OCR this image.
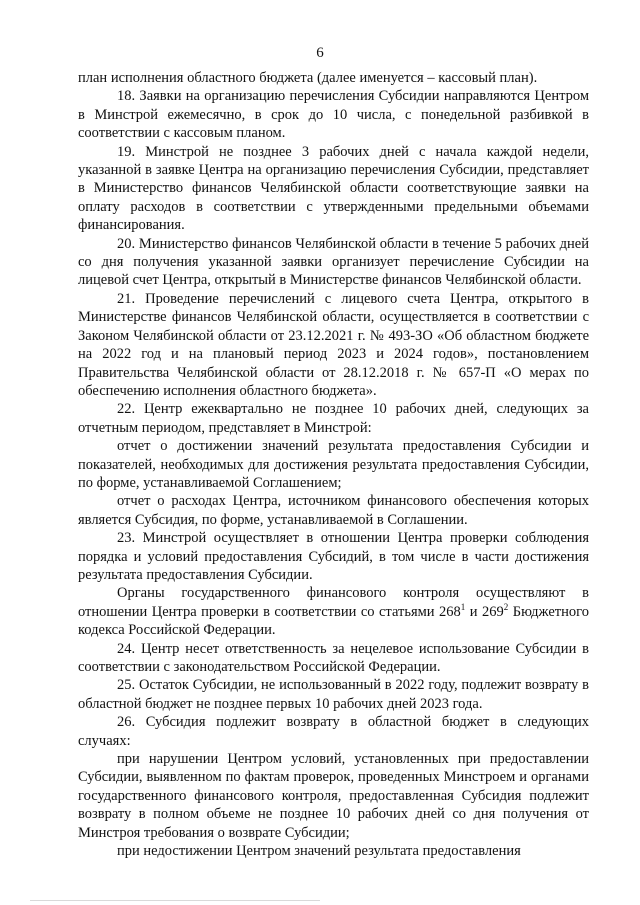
6

план исполнения областного бюджета (далее именуется – кассовый план).

18. Заявки на организацию перечисления Субсидии направляются Центром в Минстрой ежемесячно, в срок до 10 числа, с понедельной разбивкой в соответствии с кассовым планом.

19. Минстрой не позднее 3 рабочих дней с начала каждой недели, указанной в заявке Центра на организацию перечисления Субсидии, представляет в Министерство финансов Челябинской области соответствующие заявки на оплату расходов в соответствии с утвержденными предельными объемами финансирования.

20. Министерство финансов Челябинской области в течение 5 рабочих дней со дня получения указанной заявки организует перечисление Субсидии на лицевой счет Центра, открытый в Министерстве финансов Челябинской области.

21. Проведение перечислений с лицевого счета Центра, открытого в Министерстве финансов Челябинской области, осуществляется в соответствии с Законом Челябинской области от 23.12.2021 г. № 493-ЗО «Об областном бюджете на 2022 год и на плановый период 2023 и 2024 годов», постановлением Правительства Челябинской области от 28.12.2018 г. № 657-П «О мерах по обеспечению исполнения областного бюджета».

22. Центр ежеквартально не позднее 10 рабочих дней, следующих за отчетным периодом, представляет в Минстрой:

отчет о достижении значений результата предоставления Субсидии и показателей, необходимых для достижения результата предоставления Субсидии, по форме, устанавливаемой Соглашением;

отчет о расходах Центра, источником финансового обеспечения которых является Субсидия, по форме, устанавливаемой в Соглашении.

23. Минстрой осуществляет в отношении Центра проверки соблюдения порядка и условий предоставления Субсидий, в том числе в части достижения результата предоставления Субсидии.

Органы государственного финансового контроля осуществляют в отношении Центра проверки в соответствии со статьями $268^1$ и $269^2$ Бюджетного кодекса Российской Федерации.

24. Центр несет ответственность за нецелевое использование Субсидии в соответствии с законодательством Российской Федерации.

25. Остаток Субсидии, не использованный в 2022 году, подлежит возврату в областной бюджет не позднее первых 10 рабочих дней 2023 года.

26. Субсидия подлежит возврату в областной бюджет в следующих случаях:

при нарушении Центром условий, установленных при предоставлении Субсидии, выявленном по фактам проверок, проведенных Минстроем и органами государственного финансового контроля, предоставленная Субсидия подлежит возврату в полном объеме не позднее 10 рабочих дней со дня получения от Минстроя требования о возврате Субсидии;

при недостижении Центром значений результата предоставления
